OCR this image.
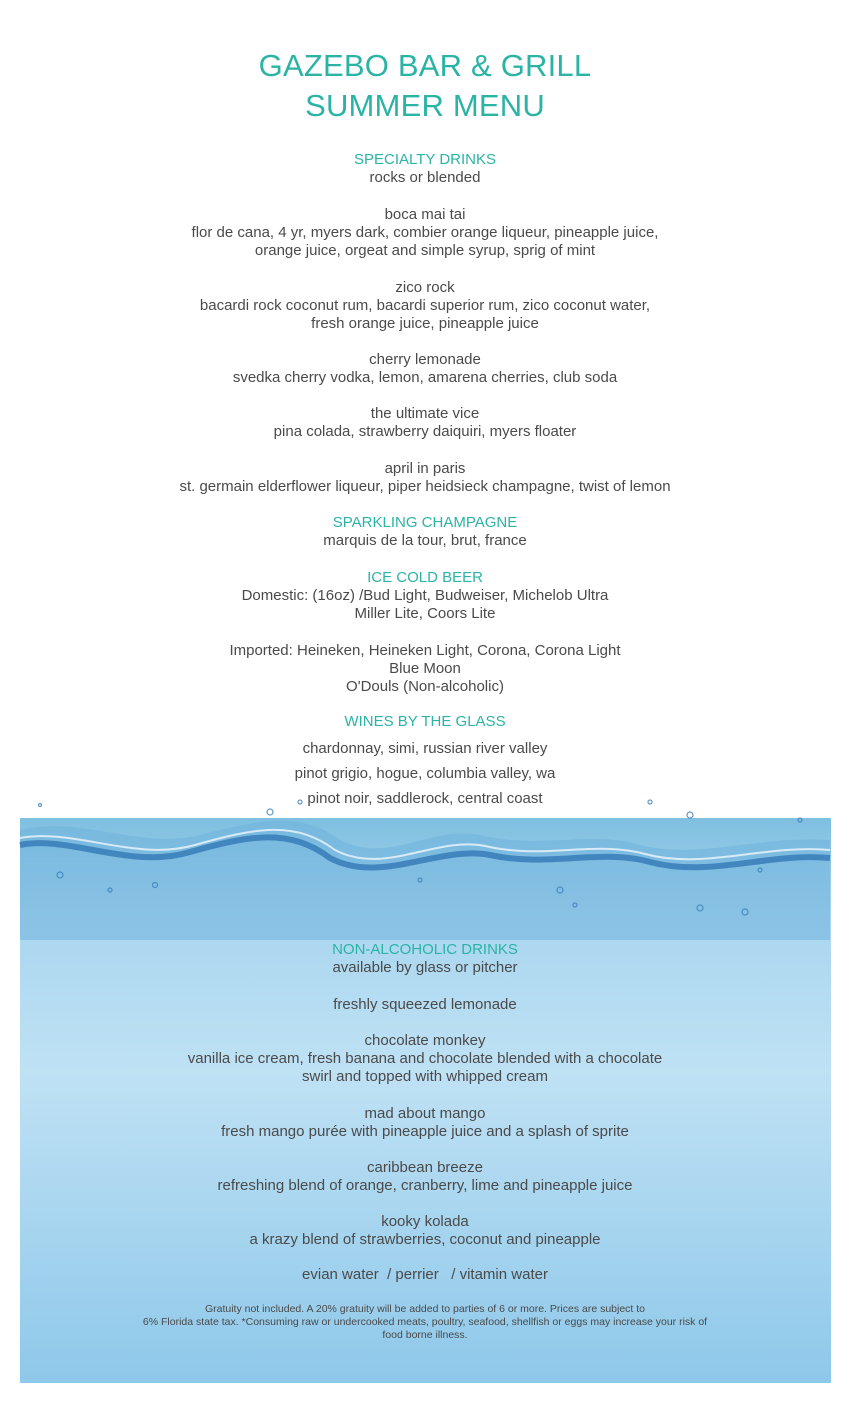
GAZEBO BAR & GRILL
SUMMER MENU
SPECIALTY DRINKS
rocks or blended
boca mai tai
flor de cana, 4 yr, myers dark, combier orange liqueur, pineapple juice,
orange juice, orgeat and simple syrup, sprig of mint
zico rock
bacardi rock coconut rum, bacardi superior rum, zico coconut water,
fresh orange juice, pineapple juice
cherry lemonade
svedka cherry vodka, lemon, amarena cherries, club soda
the ultimate vice
pina colada, strawberry daiquiri, myers floater
april in paris
st. germain elderflower liqueur, piper heidsieck champagne, twist of lemon
SPARKLING CHAMPAGNE
marquis de la tour, brut, france
ICE COLD BEER
Domestic: (16oz) /Bud Light, Budweiser, Michelob Ultra
Miller Lite, Coors Lite
Imported: Heineken, Heineken Light, Corona, Corona Light
Blue Moon
O'Douls (Non-alcoholic)
WINES BY THE GLASS
chardonnay, simi, russian river valley
pinot grigio, hogue, columbia valley, wa
pinot noir, saddlerock, central coast
NON-ALCOHOLIC DRINKS
available by glass or pitcher
freshly squeezed lemonade
chocolate monkey
vanilla ice cream, fresh banana and chocolate blended with a chocolate
swirl and topped with whipped cream
mad about mango
fresh mango purée with pineapple juice and a splash of sprite
caribbean breeze
refreshing blend of orange, cranberry, lime and pineapple juice
kooky kolada
a krazy blend of strawberries, coconut and pineapple
evian water  / perrier   / vitamin water
Gratuity not included. A 20% gratuity will be added to parties of 6 or more. Prices are subject to
6% Florida state tax. *Consuming raw or undercooked meats, poultry, seafood, shellfish or eggs may increase your risk of
food borne illness.
